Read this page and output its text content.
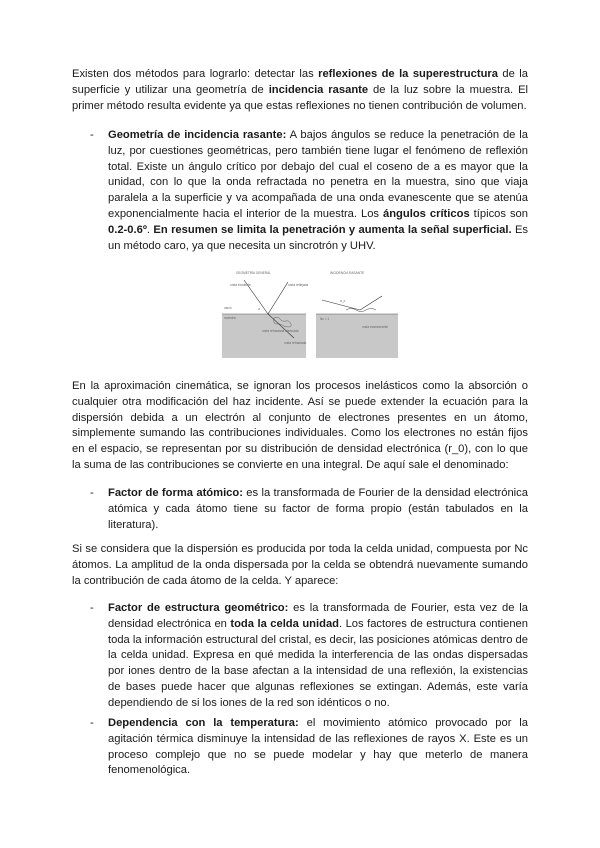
Existen dos métodos para lograrlo: detectar las reflexiones de la superestructura de la superficie y utilizar una geometría de incidencia rasante de la luz sobre la muestra. El primer método resulta evidente ya que estas reflexiones no tienen contribución de volumen.

- Geometría de incidencia rasante: A bajos ángulos se reduce la penetración de la luz, por cuestiones geométricas, pero también tiene lugar el fenómeno de reflexión total. Existe un ángulo crítico por debajo del cual el coseno de a es mayor que la unidad, con lo que la onda refractada no penetra en la muestra, sino que viaja paralela a la superficie y va acompañada de una onda evanescente que se atenúa exponencialmente hacia el interior de la muestra. Los ángulos críticos típicos son 0.2-0.6º. En resumen se limita la penetración y aumenta la señal superficial. Es un método caro, ya que necesita un sincrotrón y UHV.

GEOMETRÍA GENERAL
onda incidente	onda reflejada
vacío
muestra
α
onda refractada atenuada
onda refractada
INCIDENCIA RASANTE
α_c
Nc < 1
onda evanescente

En la aproximación cinemática, se ignoran los procesos inelásticos como la absorción o cualquier otra modificación del haz incidente. Así se puede extender la ecuación para la dispersión debida a un electrón al conjunto de electrones presentes en un átomo, simplemente sumando las contribuciones individuales. Como los electrones no están fijos en el espacio, se representan por su distribución de densidad electrónica (r_0), con lo que la suma de las contribuciones se convierte en una integral. De aquí sale el denominado:

- Factor de forma atómico: es la transformada de Fourier de la densidad electrónica atómica y cada átomo tiene su factor de forma propio (están tabulados en la literatura).

Si se considera que la dispersión es producida por toda la celda unidad, compuesta por Nc átomos. La amplitud de la onda dispersada por la celda se obtendrá nuevamente sumando la contribución de cada átomo de la celda. Y aparece:

- Factor de estructura geométrico: es la transformada de Fourier, esta vez de la densidad electrónica en toda la celda unidad. Los factores de estructura contienen toda la información estructural del cristal, es decir, las posiciones atómicas dentro de la celda unidad. Expresa en qué medida la interferencia de las ondas dispersadas por iones dentro de la base afectan a la intensidad de una reflexión, la existencias de bases puede hacer que algunas reflexiones se extingan. Además, este varía dependiendo de si los iones de la red son idénticos o no.

- Dependencia con la temperatura: el movimiento atómico provocado por la agitación térmica disminuye la intensidad de las reflexiones de rayos X. Este es un proceso complejo que no se puede modelar y hay que meterlo de manera fenomenológica.
